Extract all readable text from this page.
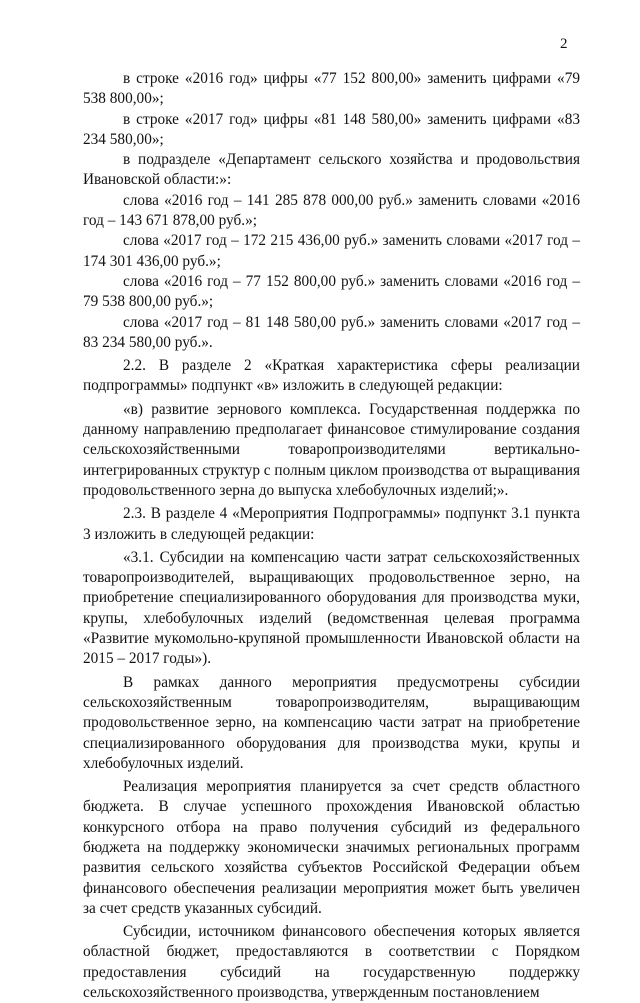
2

в строке «2016 год» цифры «77 152 800,00» заменить цифрами «79 538 800,00»;

в строке «2017 год» цифры «81 148 580,00» заменить цифрами «83 234 580,00»;

в подразделе «Департамент сельского хозяйства и продовольствия Ивановской области:»:

слова «2016 год – 141 285 878 000,00 руб.» заменить словами «2016 год – 143 671 878,00 руб.»;

слова «2017 год – 172 215 436,00 руб.» заменить словами «2017 год – 174 301 436,00 руб.»;

слова «2016 год – 77 152 800,00 руб.» заменить словами «2016 год – 79 538 800,00 руб.»;

слова «2017 год – 81 148 580,00 руб.» заменить словами «2017 год – 83 234 580,00 руб.».

2.2. В разделе 2 «Краткая характеристика сферы реализации подпрограммы» подпункт «в» изложить в следующей редакции:

«в) развитие зернового комплекса. Государственная поддержка по данному направлению предполагает финансовое стимулирование создания сельскохозяйственными товаропроизводителями вертикально-интегрированных структур с полным циклом производства от выращивания продовольственного зерна до выпуска хлебобулочных изделий;».

2.3. В разделе 4 «Мероприятия Подпрограммы» подпункт 3.1 пункта 3 изложить в следующей редакции:

«3.1. Субсидии на компенсацию части затрат сельскохозяйственных товаропроизводителей, выращивающих продовольственное зерно, на приобретение специализированного оборудования для производства муки, крупы, хлебобулочных изделий (ведомственная целевая программа «Развитие мукомольно-крупяной промышленности Ивановской области на 2015 – 2017 годы»).

В рамках данного мероприятия предусмотрены субсидии сельскохозяйственным товаропроизводителям, выращивающим продовольственное зерно, на компенсацию части затрат на приобретение специализированного оборудования для производства муки, крупы и хлебобулочных изделий.

Реализация мероприятия планируется за счет средств областного бюджета. В случае успешного прохождения Ивановской областью конкурсного отбора на право получения субсидий из федерального бюджета на поддержку экономически значимых региональных программ развития сельского хозяйства субъектов Российской Федерации объем финансового обеспечения реализации мероприятия может быть увеличен за счет средств указанных субсидий.

Субсидии, источником финансового обеспечения которых является областной бюджет, предоставляются в соответствии с Порядком предоставления субсидий на государственную поддержку сельскохозяйственного производства, утвержденным постановлением
